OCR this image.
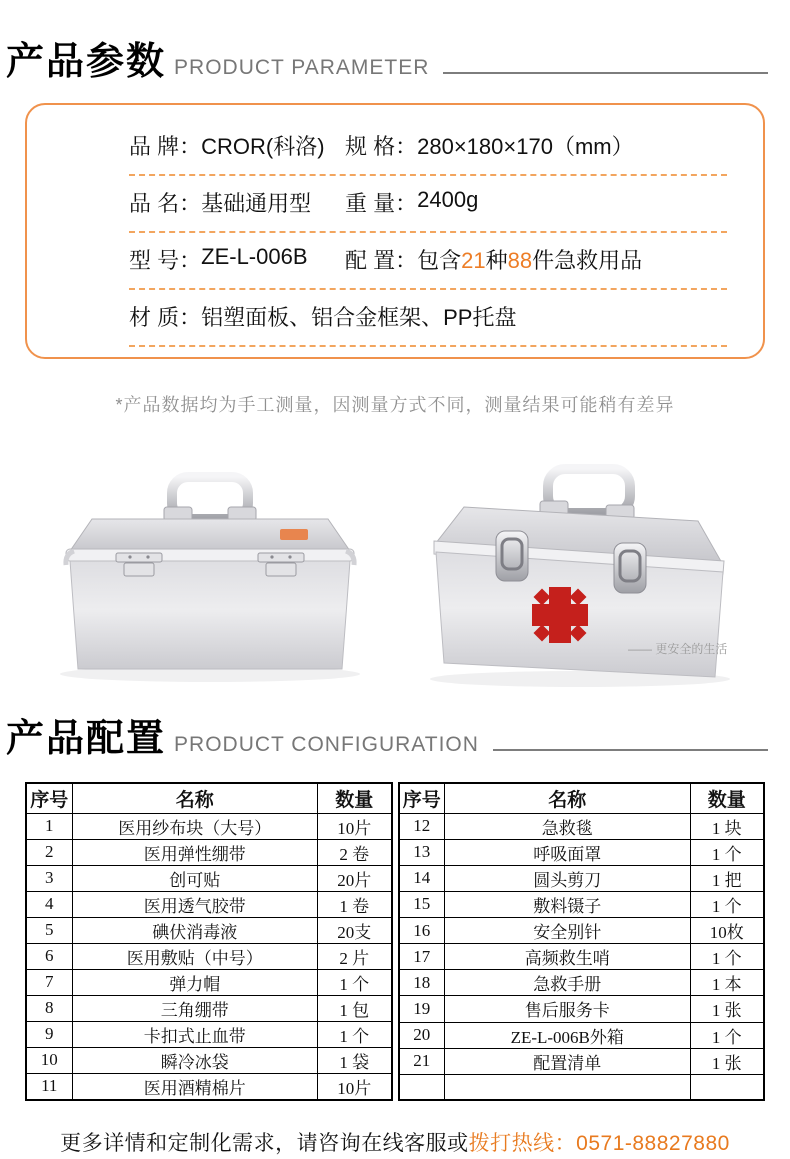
产品参数 PRODUCT PARAMETER
品 牌： CROR(科洛) 规 格： 280×180×170（mm）
品 名： 基础通用型 重 量： 2400g
型 号： ZE-L-006B 配 置： 包含21种88件急救用品
材 质： 铝塑面板、铝合金框架、PP托盘
*产品数据均为手工测量，因测量方式不同，测量结果可能稍有差异
—— 更安全的生活
产品配置 PRODUCT CONFIGURATION
序号	名称	数量
1	医用纱布块（大号）	10片
2	医用弹性绷带	2 卷
3	创可贴	20片
4	医用透气胶带	1 卷
5	碘伏消毒液	20支
6	医用敷贴（中号）	2 片
7	弹力帽	1 个
8	三角绷带	1 包
9	卡扣式止血带	1 个
10	瞬冷冰袋	1 袋
11	医用酒精棉片	10片
序号	名称	数量
12	急救毯	1 块
13	呼吸面罩	1 个
14	圆头剪刀	1 把
15	敷料镊子	1 个
16	安全别针	10枚
17	高频救生哨	1 个
18	急救手册	1 本
19	售后服务卡	1 张
20	ZE-L-006B外箱	1 个
21	配置清单	1 张

更多详情和定制化需求，请咨询在线客服或拨打热线：0571-88827880
